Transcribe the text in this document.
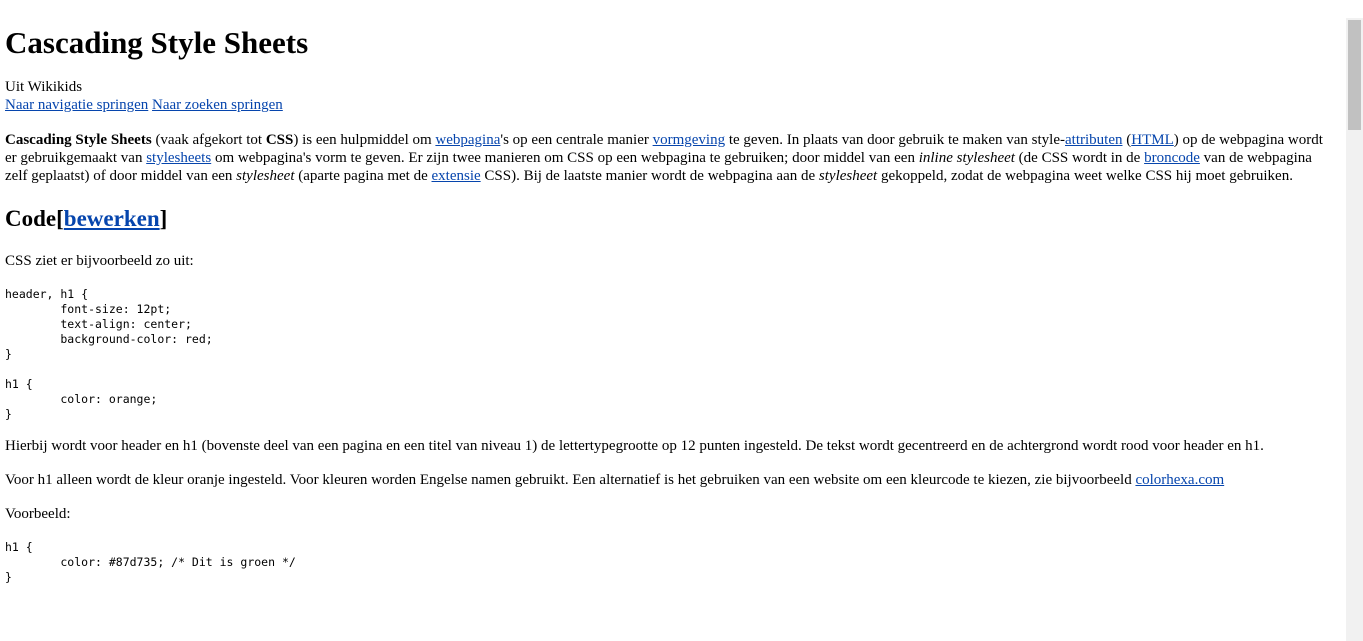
Cascading Style Sheets
Uit Wikikids
Naar navigatie springen Naar zoeken springen

Cascading Style Sheets (vaak afgekort tot CSS) is een hulpmiddel om webpagina's op een centrale manier vormgeving te geven. In plaats van door gebruik te maken van style-attributen (HTML) op de webpagina wordt er gebruikgemaakt van stylesheets om webpagina's vorm te geven. Er zijn twee manieren om CSS op een webpagina te gebruiken; door middel van een inline stylesheet (de CSS wordt in de broncode van de webpagina zelf geplaatst) of door middel van een stylesheet (aparte pagina met de extensie CSS). Bij de laatste manier wordt de webpagina aan de stylesheet gekoppeld, zodat de webpagina weet welke CSS hij moet gebruiken.

Code[bewerken]

CSS ziet er bijvoorbeeld zo uit:

header, h1 {
font-size: 12pt;
text-align: center;
background-color: red;
}
h1 {
color: orange;
}

Hierbij wordt voor header en h1 (bovenste deel van een pagina en een titel van niveau 1) de lettertypegrootte op 12 punten ingesteld. De tekst wordt gecentreerd en de achtergrond wordt rood voor header en h1.

Voor h1 alleen wordt de kleur oranje ingesteld. Voor kleuren worden Engelse namen gebruikt. Een alternatief is het gebruiken van een website om een kleurcode te kiezen, zie bijvoorbeeld colorhexa.com

Voorbeeld:

h1 {
color: #87d735; /* Dit is groen */
}
